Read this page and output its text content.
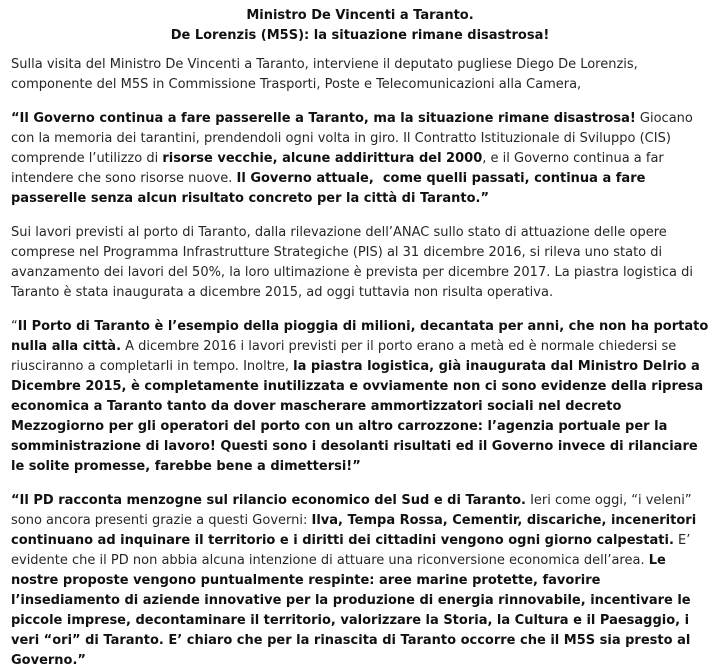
Ministro De Vincenti a Taranto.
De Lorenzis (M5S): la situazione rimane disastrosa!

Sulla visita del Ministro De Vincenti a Taranto, interviene il deputato pugliese Diego De Lorenzis, componente del M5S in Commissione Trasporti, Poste e Telecomunicazioni alla Camera,

“Il Governo continua a fare passerelle a Taranto, ma la situazione rimane disastrosa! Giocano con la memoria dei tarantini, prendendoli ogni volta in giro. Il Contratto Istituzionale di Sviluppo (CIS) comprende l’utilizzo di risorse vecchie, alcune addirittura del 2000, e il Governo continua a far intendere che sono risorse nuove. Il Governo attuale,  come quelli passati, continua a fare passerelle senza alcun risultato concreto per la città di Taranto.”

Sui lavori previsti al porto di Taranto, dalla rilevazione dell’ANAC sullo stato di attuazione delle opere comprese nel Programma Infrastrutture Strategiche (PIS) al 31 dicembre 2016, si rileva uno stato di avanzamento dei lavori del 50%, la loro ultimazione è prevista per dicembre 2017. La piastra logistica di Taranto è stata inaugurata a dicembre 2015, ad oggi tuttavia non risulta operativa.

“Il Porto di Taranto è l’esempio della pioggia di milioni, decantata per anni, che non ha portato nulla alla città. A dicembre 2016 i lavori previsti per il porto erano a metà ed è normale chiedersi se riusciranno a completarli in tempo. Inoltre, la piastra logistica, già inaugurata dal Ministro Delrio a Dicembre 2015, è completamente inutilizzata e ovviamente non ci sono evidenze della ripresa economica a Taranto tanto da dover mascherare ammortizzatori sociali nel decreto Mezzogiorno per gli operatori del porto con un altro carrozzone: l’agenzia portuale per la somministrazione di lavoro! Questi sono i desolanti risultati ed il Governo invece di rilanciare le solite promesse, farebbe bene a dimettersi!”

“Il PD racconta menzogne sul rilancio economico del Sud e di Taranto. Ieri come oggi, “i veleni” sono ancora presenti grazie a questi Governi: Ilva, Tempa Rossa, Cementir, discariche, inceneritori continuano ad inquinare il territorio e i diritti dei cittadini vengono ogni giorno calpestati. E’ evidente che il PD non abbia alcuna intenzione di attuare una riconversione economica dell’area. Le nostre proposte vengono puntualmente respinte: aree marine protette, favorire l’insediamento di aziende innovative per la produzione di energia rinnovabile, incentivare le piccole imprese, decontaminare il territorio, valorizzare la Storia, la Cultura e il Paesaggio, i veri “ori” di Taranto. E’ chiaro che per la rinascita di Taranto occorre che il M5S sia presto al Governo.”
